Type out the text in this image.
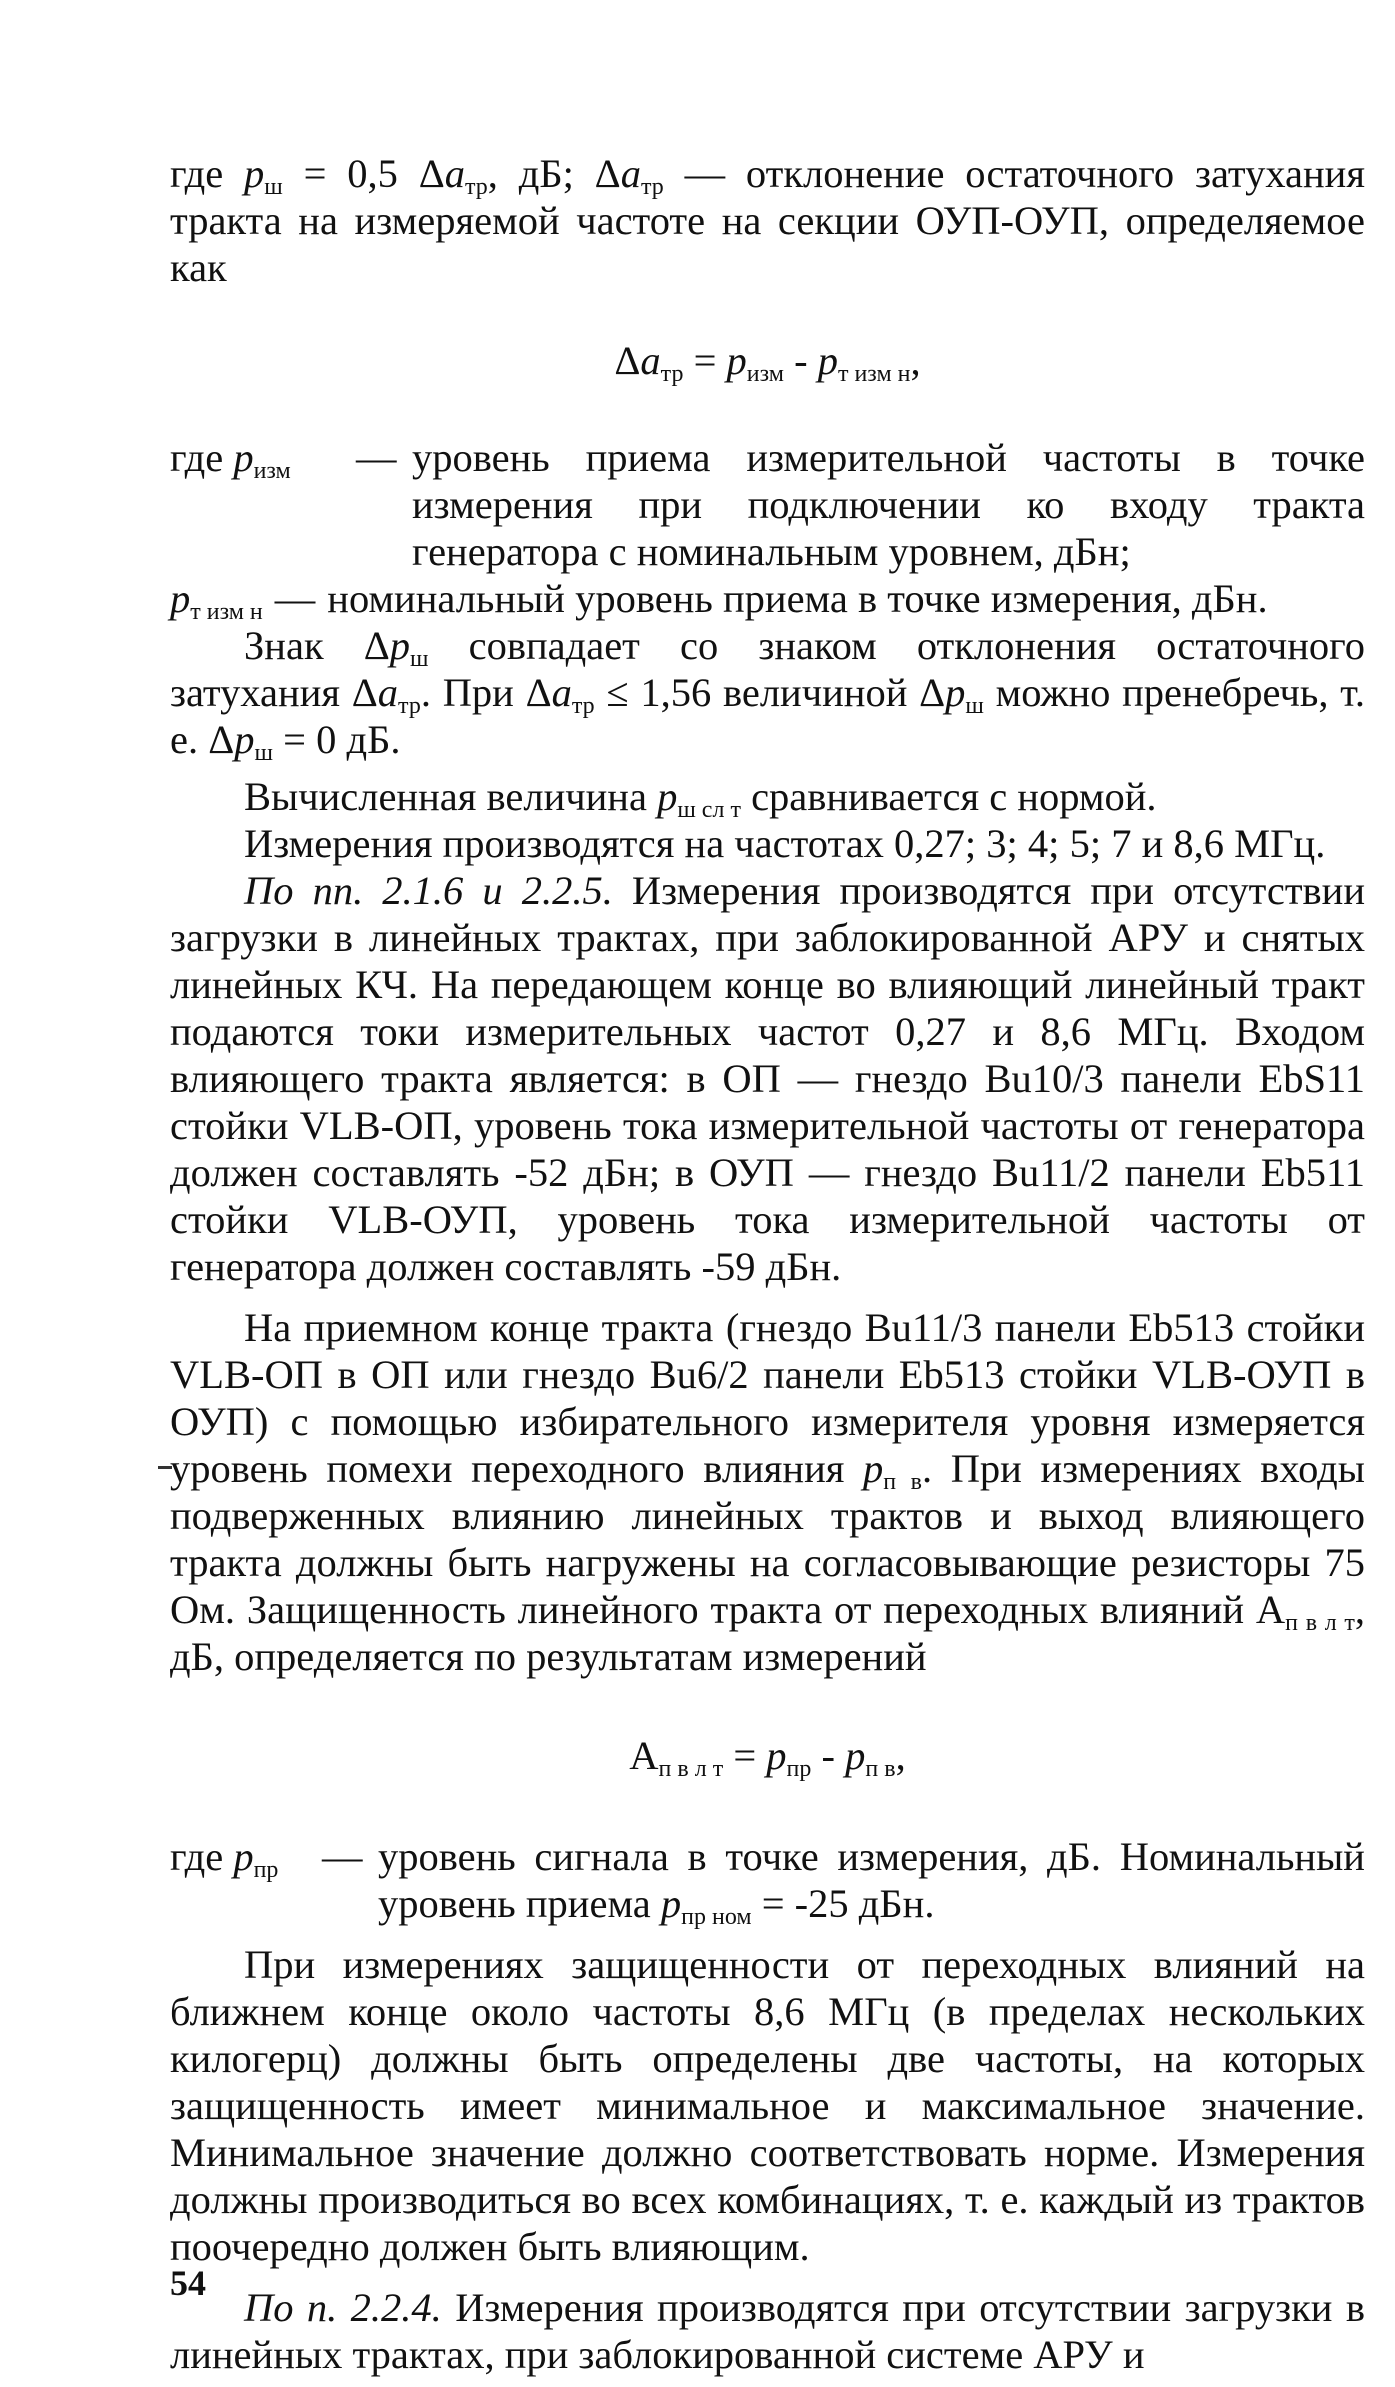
где $p_ш = 0,5$ $\Delta a_{тр}$, дБ; $\Delta a_{тр}$ — отклонение остаточного затухания тракта на измеряемой частоте на секции ОУП-ОУП, определяемое как

$\Delta a_{тр} = p_{изм} - p_{т изм н}$,
где $p_{изм}$	— уровень приема измерительной частоты в точке измерения при подключении ко входу тракта генератора с номинальным уровнем, дБн;
$p_{т изм н}$ — номинальный уровень приема в точке измерения, дБн.

Знак $\Delta p_ш$ совпадает со знаком отклонения остаточного затухания $\Delta a_{тр}$. При $\Delta a_{тр} \le 1,56$ величиной $\Delta p_ш$ можно пренебречь, т. е. $\Delta p_ш = 0$ дБ.

Вычисленная величина $p_{ш сл т}$ сравнивается с нормой.

Измерения производятся на частотах 0,27; 3; 4; 5; 7 и 8,6 МГц.

По пп. 2.1.6 и 2.2.5. Измерения производятся при отсутствии загрузки в линейных трактах, при заблокированной АРУ и снятых линейных КЧ. На передающем конце во влияющий линейный тракт подаются токи измерительных частот 0,27 и 8,6 МГц. Входом влияющего тракта является: в ОП — гнездо Bu10/3 панели EbS11 стойки VLB-ОП, уровень тока измерительной частоты от генератора должен составлять -52 дБн; в ОУП — гнездо Bu11/2 панели Eb511 стойки VLB-ОУП, уровень тока измерительной частоты от генератора должен составлять -59 дБн.

На приемном конце тракта (гнездо Bu11/3 панели Eb513 стойки VLB-ОП в ОП или гнездо Bu6/2 панели Eb513 стойки VLB-ОУП в ОУП) с помощью избирательного измерителя уровня измеряется уровень помехи переходного влияния $p_{п в}$. При измерениях входы подверженных влиянию линейных трактов и выход влияющего тракта должны быть нагружены на согласовывающие резисторы 75 Ом. Защищенность линейного тракта от переходных влияний $А_{п в л т}$, дБ, определяется по результатам измерений

$А_{п в л т} = p_{пр} - p_{п в}$,
где $p_{пр}$	— уровень сигнала в точке измерения, дБ. Номинальный уровень приема $p_{пр ном} = -25$ дБн.

При измерениях защищенности от переходных влияний на ближнем конце около частоты 8,6 МГц (в пределах нескольких килогерц) должны быть определены две частоты, на которых защищенность имеет минимальное и максимальное значение. Минимальное значение должно соответствовать норме. Измерения должны производиться во всех комбинациях, т. е. каждый из трактов поочередно должен быть влияющим.

По п. 2.2.4. Измерения производятся при отсутствии загрузки в линейных трактах, при заблокированной системе АРУ и

54
